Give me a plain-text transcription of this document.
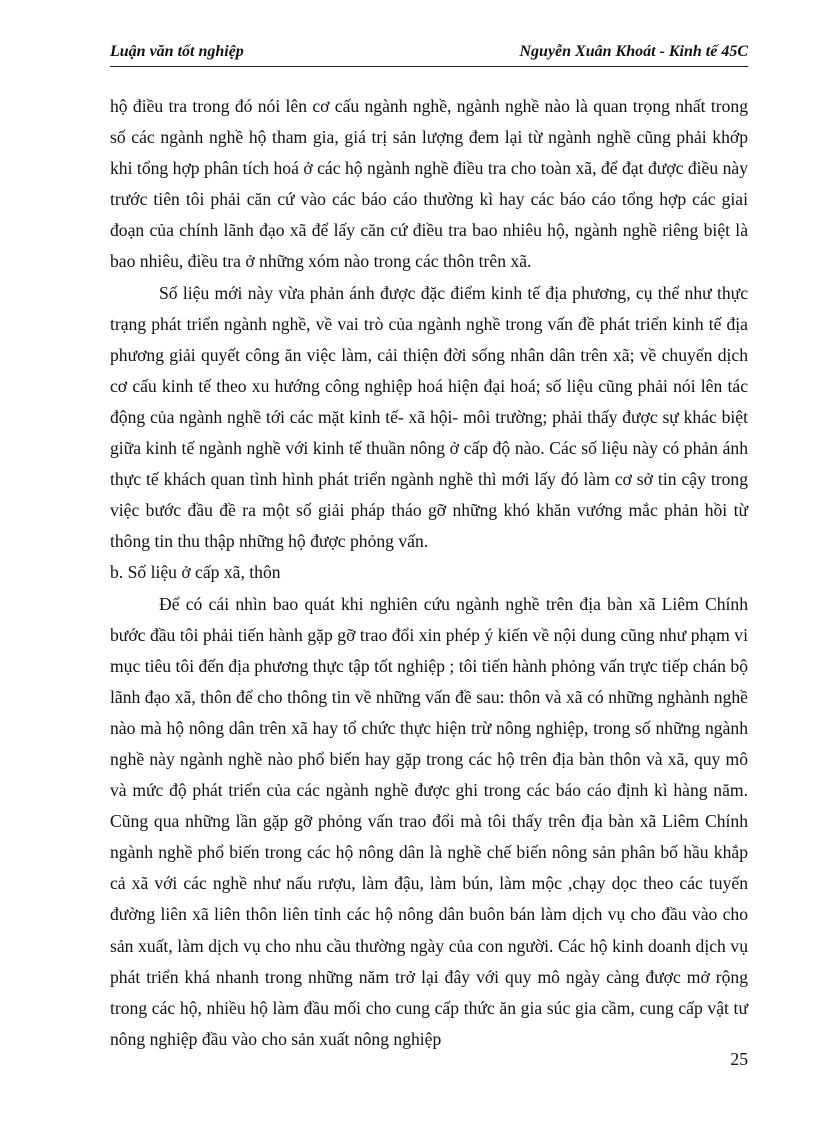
Luận văn tốt nghiệp	Nguyễn Xuân Khoát - Kinh tế 45C

hộ điều tra trong đó nói lên cơ cấu ngành nghề, ngành nghề nào là quan trọng nhất trong số các ngành nghề hộ tham gia, giá trị sản lượng đem lại từ ngành nghề cũng phải khớp khi tổng hợp phân tích hoá ở các hộ ngành nghề điều tra cho toàn xã, để đạt được điều này trước tiên tôi phải căn cứ vào các báo cáo thường kì hay các báo cáo tổng hợp các giai đoạn của chính lãnh đạo xã để lấy căn cứ điều tra bao nhiêu hộ, ngành nghề riêng biệt là bao nhiêu, điều tra ở những xóm nào trong các thôn trên xã.

Số liệu mới này vừa phản ánh được đặc điểm kinh tế địa phương, cụ thể như thực trạng phát triển ngành nghề, về vai trò của ngành nghề trong vấn đề phát triển kinh tế địa phương giải quyết công ăn việc làm, cải thiện đời sống nhân dân trên xã; về chuyển dịch cơ cấu kinh tế theo xu hướng công nghiệp hoá hiện đại hoá; số liệu cũng phải nói lên tác động của ngành nghề tới các mặt kinh tế- xã hội- môi trường; phải thấy được sự khác biệt giữa kinh tế ngành nghề với kinh tế thuần nông ở cấp độ nào. Các số liệu này có phản ánh thực tế khách quan tình hình phát triển ngành nghề thì mới lấy đó làm cơ sở tin cậy trong việc bước đầu đề ra một số giải pháp tháo gỡ những khó khăn vướng mắc phản hồi từ thông tin thu thập những hộ được phỏng vấn.

b. Số liệu ở cấp xã, thôn

Để có cái nhìn bao quát khi nghiên cứu ngành nghề trên địa bàn xã Liêm Chính bước đầu tôi phải tiến hành gặp gỡ trao đổi xin phép ý kiến về nội dung cũng như phạm vi mục tiêu tôi đến địa phương thực tập tốt nghiệp ; tôi tiến hành phỏng vấn trực tiếp chán bộ lãnh đạo xã, thôn để cho thông tin về những vấn đề sau: thôn và xã có những nghành nghề nào mà hộ nông dân trên xã hay tổ chức thực hiện trừ nông nghiệp, trong số những ngành nghề này ngành nghề nào phổ biến hay gặp trong các hộ trên địa bàn thôn và xã, quy mô và mức độ phát triển của các ngành nghề được ghi trong các báo cáo định kì hàng năm. Cũng qua những lần gặp gỡ phỏng vấn trao đổi mà tôi thấy trên địa bàn xã Liêm Chính ngành nghề phổ biến trong các hộ nông dân là nghề chế biến nông sản phân bố hầu khắp cả xã với các nghề như nấu rượu, làm đậu, làm bún, làm mộc ,chạy dọc theo các tuyến đường liên xã liên thôn liên tỉnh các hộ nông dân buôn bán làm dịch vụ cho đầu vào cho sản xuất, làm dịch vụ cho nhu cầu thường ngày của con người. Các hộ kinh doanh dịch vụ phát triển khá nhanh trong những năm trở lại đây với quy mô ngày càng được mở rộng trong các hộ, nhiều hộ làm đầu mối cho cung cấp thức ăn gia súc gia cầm, cung cấp vật tư nông nghiệp đầu vào cho sản xuất nông nghiệp

25
